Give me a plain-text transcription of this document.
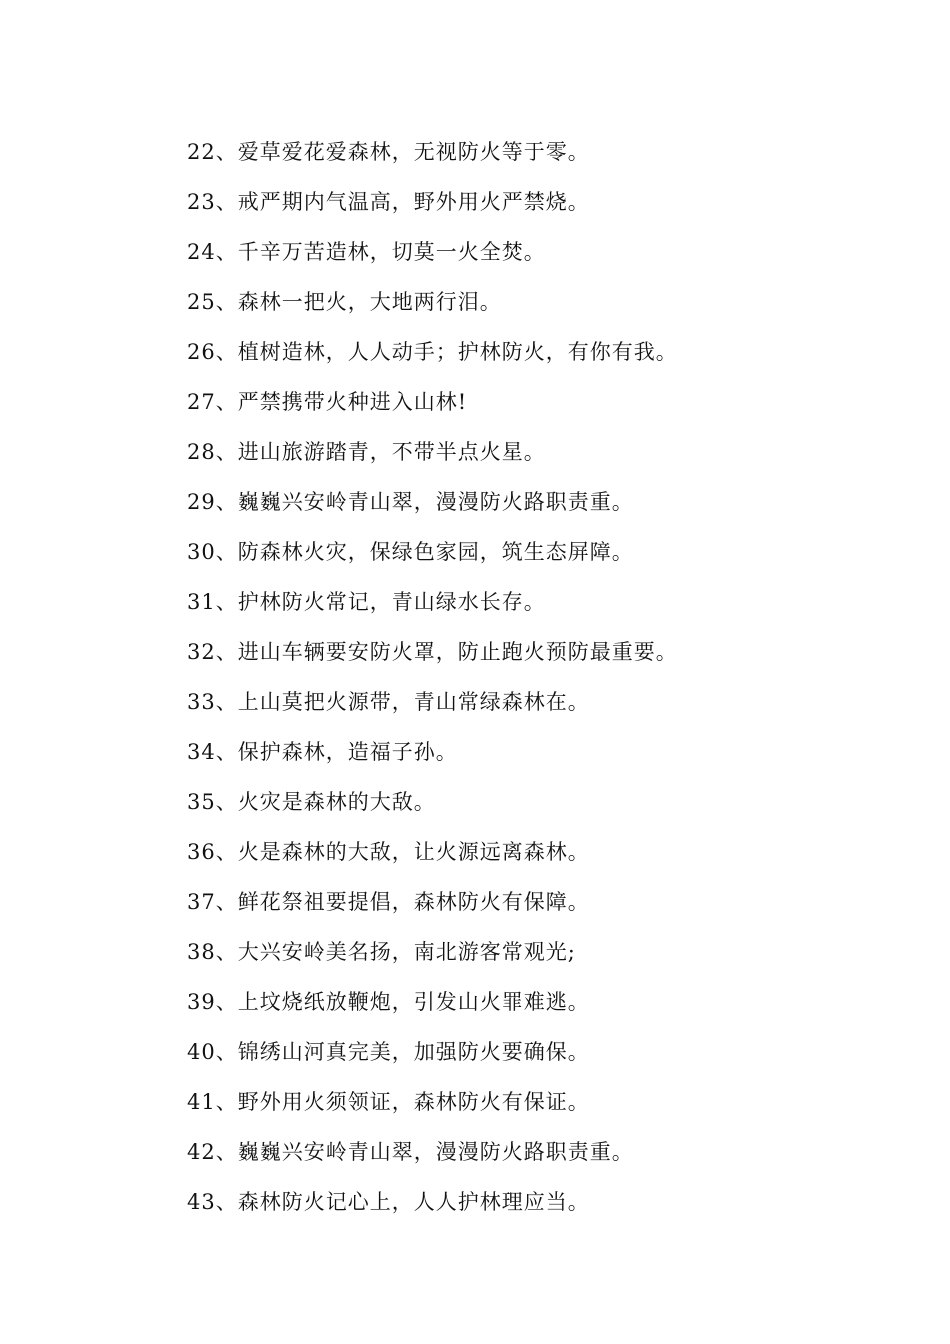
22、爱草爱花爱森林，无视防火等于零。
23、戒严期内气温高，野外用火严禁烧。
24、千辛万苦造林，切莫一火全焚。
25、森林一把火，大地两行泪。
26、植树造林，人人动手；护林防火，有你有我。
27、严禁携带火种进入山林!
28、进山旅游踏青，不带半点火星。
29、巍巍兴安岭青山翠，漫漫防火路职责重。
30、防森林火灾，保绿色家园，筑生态屏障。
31、护林防火常记，青山绿水长存。
32、进山车辆要安防火罩，防止跑火预防最重要。
33、上山莫把火源带，青山常绿森林在。
34、保护森林，造福子孙。
35、火灾是森林的大敌。
36、火是森林的大敌，让火源远离森林。
37、鲜花祭祖要提倡，森林防火有保障。
38、大兴安岭美名扬，南北游客常观光;
39、上坟烧纸放鞭炮，引发山火罪难逃。
40、锦绣山河真完美，加强防火要确保。
41、野外用火须领证，森林防火有保证。
42、巍巍兴安岭青山翠，漫漫防火路职责重。
43、森林防火记心上，人人护林理应当。
